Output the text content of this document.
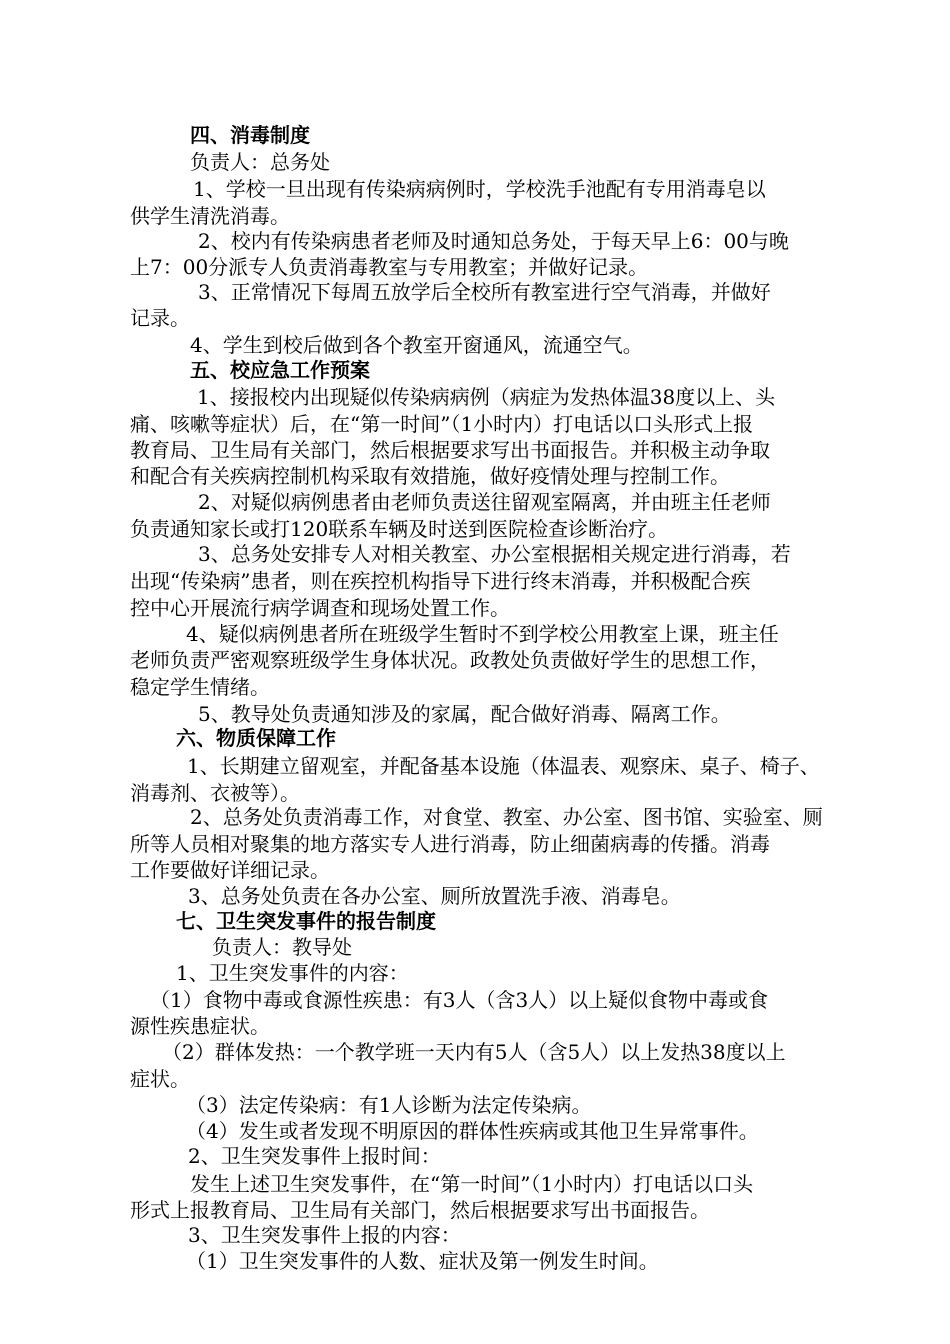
四、消毒制度
负责人：总务处
1、学校一旦出现有传染病病例时，学校洗手池配有专用消毒皂以
供学生清洗消毒。
2、校内有传染病患者老师及时通知总务处，于每天早上6：00与晚
上7：00分派专人负责消毒教室与专用教室；并做好记录。
3、正常情况下每周五放学后全校所有教室进行空气消毒，并做好
记录。
4、学生到校后做到各个教室开窗通风，流通空气。
五、校应急工作预案
1、接报校内出现疑似传染病病例（病症为发热体温38度以上、头
痛、咳嗽等症状）后，在“第一时间”（1小时内）打电话以口头形式上报
教育局、卫生局有关部门，然后根据要求写出书面报告。并积极主动争取
和配合有关疾病控制机构采取有效措施，做好疫情处理与控制工作。
2、对疑似病例患者由老师负责送往留观室隔离，并由班主任老师
负责通知家长或打120联系车辆及时送到医院检查诊断治疗。
3、总务处安排专人对相关教室、办公室根据相关规定进行消毒，若
出现“传染病”患者，则在疾控机构指导下进行终末消毒，并积极配合疾
控中心开展流行病学调查和现场处置工作。
4、疑似病例患者所在班级学生暂时不到学校公用教室上课，班主任
老师负责严密观察班级学生身体状况。政教处负责做好学生的思想工作，
稳定学生情绪。
5、教导处负责通知涉及的家属，配合做好消毒、隔离工作。
六、物质保障工作
1、长期建立留观室，并配备基本设施（体温表、观察床、桌子、椅子、
消毒剂、衣被等）。
2、总务处负责消毒工作，对食堂、教室、办公室、图书馆、实验室、厕
所等人员相对聚集的地方落实专人进行消毒，防止细菌病毒的传播。消毒
工作要做好详细记录。
3、总务处负责在各办公室、厕所放置洗手液、消毒皂。
七、卫生突发事件的报告制度
负责人：教导处
1、卫生突发事件的内容：
（1）食物中毒或食源性疾患：有3人（含3人）以上疑似食物中毒或食
源性疾患症状。
（2）群体发热：一个教学班一天内有5人（含5人）以上发热38度以上
症状。
（3）法定传染病：有1人诊断为法定传染病。
（4）发生或者发现不明原因的群体性疾病或其他卫生异常事件。
2、卫生突发事件上报时间：
发生上述卫生突发事件，在“第一时间”（1小时内）打电话以口头
形式上报教育局、卫生局有关部门，然后根据要求写出书面报告。
3、卫生突发事件上报的内容：
（1）卫生突发事件的人数、症状及第一例发生时间。
